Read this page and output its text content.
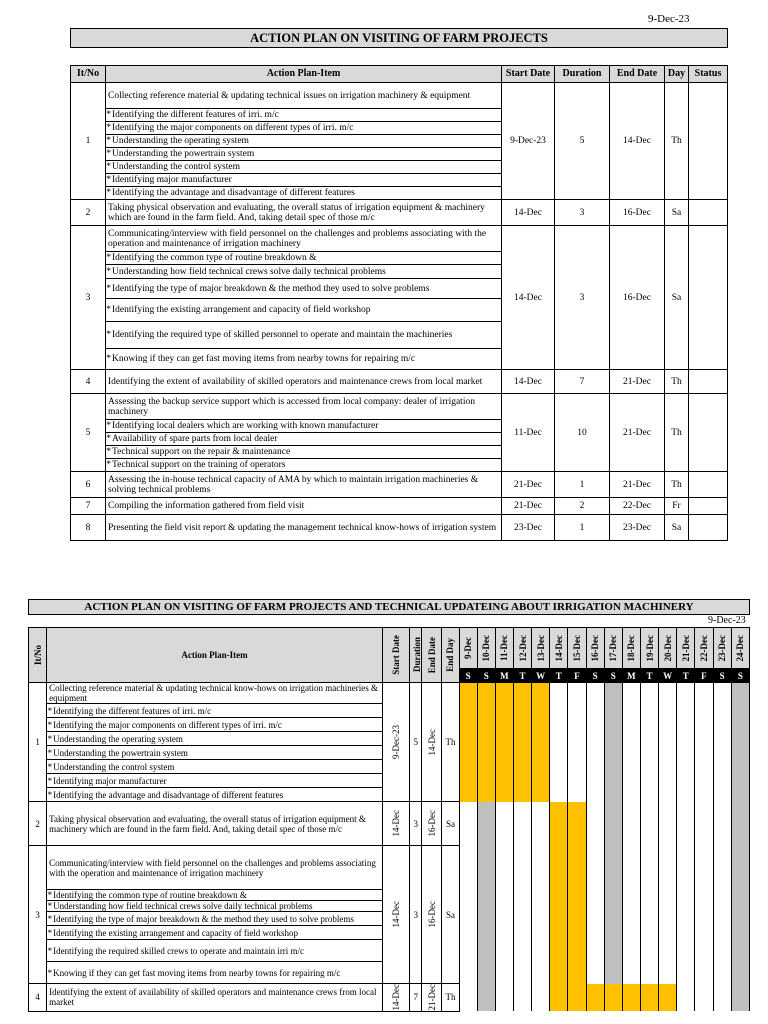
9-Dec-23
ACTION PLAN ON VISITING OF FARM PROJECTS
It/No	Action Plan-Item	Start Date	Duration	End Date	Day	Status
1	Collecting reference material & updating technical issues on irrigation machinery & equipment	9-Dec-23	5	14-Dec	Th	
	*Identifying the different features of irri. m/c					
	*Identifying the major components on different types of irri. m/c					
	*Understanding the operating system					
	*Understanding the powertrain system					
	*Understanding the control system					
	*Identifying major manufacturer					
	*Identifying the advantage and disadvantage of different features					
2	Taking physical observation and evaluating, the overall status of irrigation equipment & machinery which are found in the farm field. And, taking detail spec of those m/c	14-Dec	3	16-Dec	Sa	
3	Communicating/interview with field personnel on the challenges and problems associating with the operation and maintenance of irrigation machinery	14-Dec	3	16-Dec	Sa	
	*Identifying the common type of routine breakdown &					
	*Understanding how field technical crews solve daily technical problems					
	*Identifying the type of major breakdown & the method they used to solve problems					
	*Identifying the existing arrangement and capacity of field workshop					
	*Identifying the required type of skilled personnel to operate and maintain the machineries					
	*Knowing if they can get fast moving items from nearby towns for repairing m/c					
4	Identifying the extent of availability of skilled operators and maintenance crews from local market	14-Dec	7	21-Dec	Th	
5	Assessing the backup service support which is accessed from local company: dealer of irrigation machinery	11-Dec	10	21-Dec	Th	
	*Identifying local dealers which are working with known manufacturer					
	*Availability of spare parts from local dealer					
	*Technical support on the repair & maintenance					
	*Technical support on the training of operators					
6	Assessing the in-house technical capacity of AMA by which to maintain irrigation machineries & solving technical problems	21-Dec	1	21-Dec	Th	
7	Compiling the information gathered from field visit	21-Dec	2	22-Dec	Fr	
8	Presenting the field visit report & updating the management technical know-hows of irrigation system	23-Dec	1	23-Dec	Sa	
ACTION PLAN ON VISITING OF FARM PROJECTS AND TECHNICAL UPDATEING ABOUT IRRIGATION MACHINERY
9-Dec-23
It/No	Action Plan-Item	Start Date	Duration	End Date	End Day	9-Dec	10-Dec	11-Dec	12-Dec	13-Dec	14-Dec	15-Dec	16-Dec	17-Dec	18-Dec	19-Dec	20-Dec	21-Dec	22-Dec	23-Dec	24-Dec

						S	S	M	T	W	T	F	S	S	M	T	W	T	F	S	S
1	Collecting reference material & updating technical know-hows on irrigation machineries & equipment	9-Dec-23	5	14-Dec	Th																
	*Identifying the different features of irri. m/c																				
	*Identifying the major components on different types of irri. m/c																				
	*Understanding the operating system																				
	*Understanding the powertrain system																				
	*Understanding the control system																				
	*Identifying major manufacturer																				
	*Identifying the advantage and disadvantage of different features																				
2	Taking physical observation and evaluating, the overall status of irrigation equipment & machinery which are found in the farm field. And, taking detail spec of those m/c	14-Dec	3	16-Dec	Sa																
3	Communicating/interview with field personnel on the challenges and problems associating with the operation and maintenance of irrigation machinery	14-Dec	3	16-Dec	Sa																
	*Identifying the common type of routine breakdown &																				
	*Understanding how field technical crews solve daily technical problems																				
	*Identifying the type of major breakdown & the method they used to solve problems																				
	*Identifying the existing arrangement and capacity of field workshop																				
	*Identifying the required skilled crews to operate and maintain irri m/c																				
	*Knowing if they can get fast moving items from nearby towns for repairing m/c																				
4	Identifying the extent of availability of skilled operators and maintenance crews from local market	14-Dec	7	21-Dec	Th																
